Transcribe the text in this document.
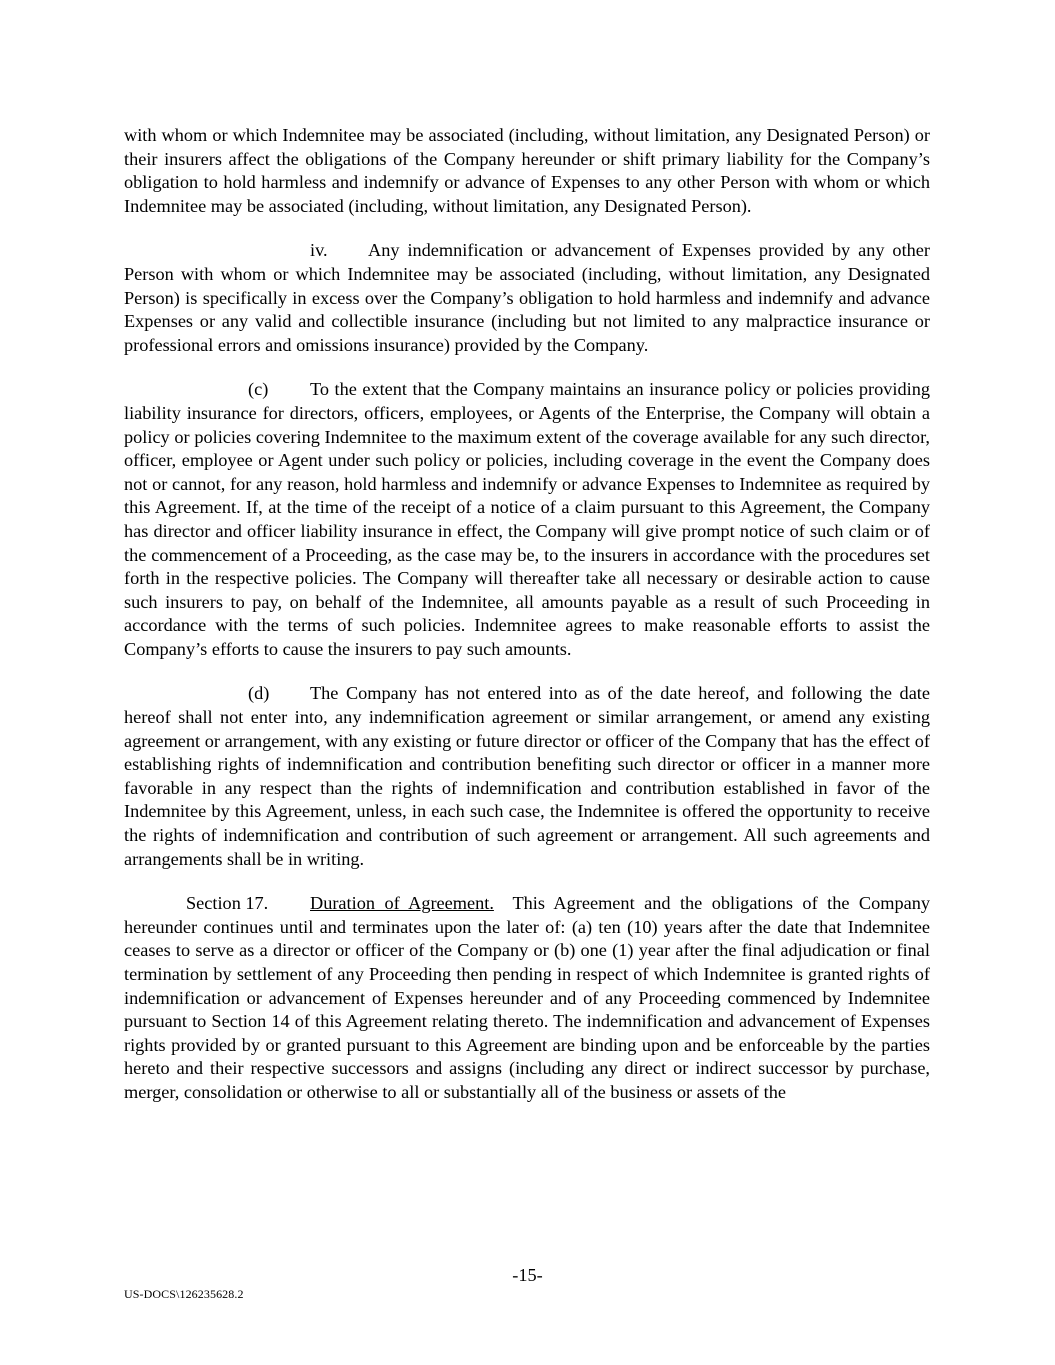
with whom or which Indemnitee may be associated (including, without limitation, any Designated Person) or their insurers affect the obligations of the Company hereunder or shift primary liability for the Company’s obligation to hold harmless and indemnify or advance of Expenses to any other Person with whom or which Indemnitee may be associated (including, without limitation, any Designated Person).

iv. Any indemnification or advancement of Expenses provided by any other Person with whom or which Indemnitee may be associated (including, without limitation, any Designated Person) is specifically in excess over the Company’s obligation to hold harmless and indemnify and advance Expenses or any valid and collectible insurance (including but not limited to any malpractice insurance or professional errors and omissions insurance) provided by the Company.

(c) To the extent that the Company maintains an insurance policy or policies providing liability insurance for directors, officers, employees, or Agents of the Enterprise, the Company will obtain a policy or policies covering Indemnitee to the maximum extent of the coverage available for any such director, officer, employee or Agent under such policy or policies, including coverage in the event the Company does not or cannot, for any reason, hold harmless and indemnify or advance Expenses to Indemnitee as required by this Agreement. If, at the time of the receipt of a notice of a claim pursuant to this Agreement, the Company has director and officer liability insurance in effect, the Company will give prompt notice of such claim or of the commencement of a Proceeding, as the case may be, to the insurers in accordance with the procedures set forth in the respective policies. The Company will thereafter take all necessary or desirable action to cause such insurers to pay, on behalf of the Indemnitee, all amounts payable as a result of such Proceeding in accordance with the terms of such policies. Indemnitee agrees to make reasonable efforts to assist the Company’s efforts to cause the insurers to pay such amounts.

(d) The Company has not entered into as of the date hereof, and following the date hereof shall not enter into, any indemnification agreement or similar arrangement, or amend any existing agreement or arrangement, with any existing or future director or officer of the Company that has the effect of establishing rights of indemnification and contribution benefiting such director or officer in a manner more favorable in any respect than the rights of indemnification and contribution established in favor of the Indemnitee by this Agreement, unless, in each such case, the Indemnitee is offered the opportunity to receive the rights of indemnification and contribution of such agreement or arrangement. All such agreements and arrangements shall be in writing.

Section 17. Duration of Agreement. This Agreement and the obligations of the Company hereunder continues until and terminates upon the later of: (a) ten (10) years after the date that Indemnitee ceases to serve as a director or officer of the Company or (b) one (1) year after the final adjudication or final termination by settlement of any Proceeding then pending in respect of which Indemnitee is granted rights of indemnification or advancement of Expenses hereunder and of any Proceeding commenced by Indemnitee pursuant to Section 14 of this Agreement relating thereto. The indemnification and advancement of Expenses rights provided by or granted pursuant to this Agreement are binding upon and be enforceable by the parties hereto and their respective successors and assigns (including any direct or indirect successor by purchase, merger, consolidation or otherwise to all or substantially all of the business or assets of the

-15-
US-DOCS\126235628.2
